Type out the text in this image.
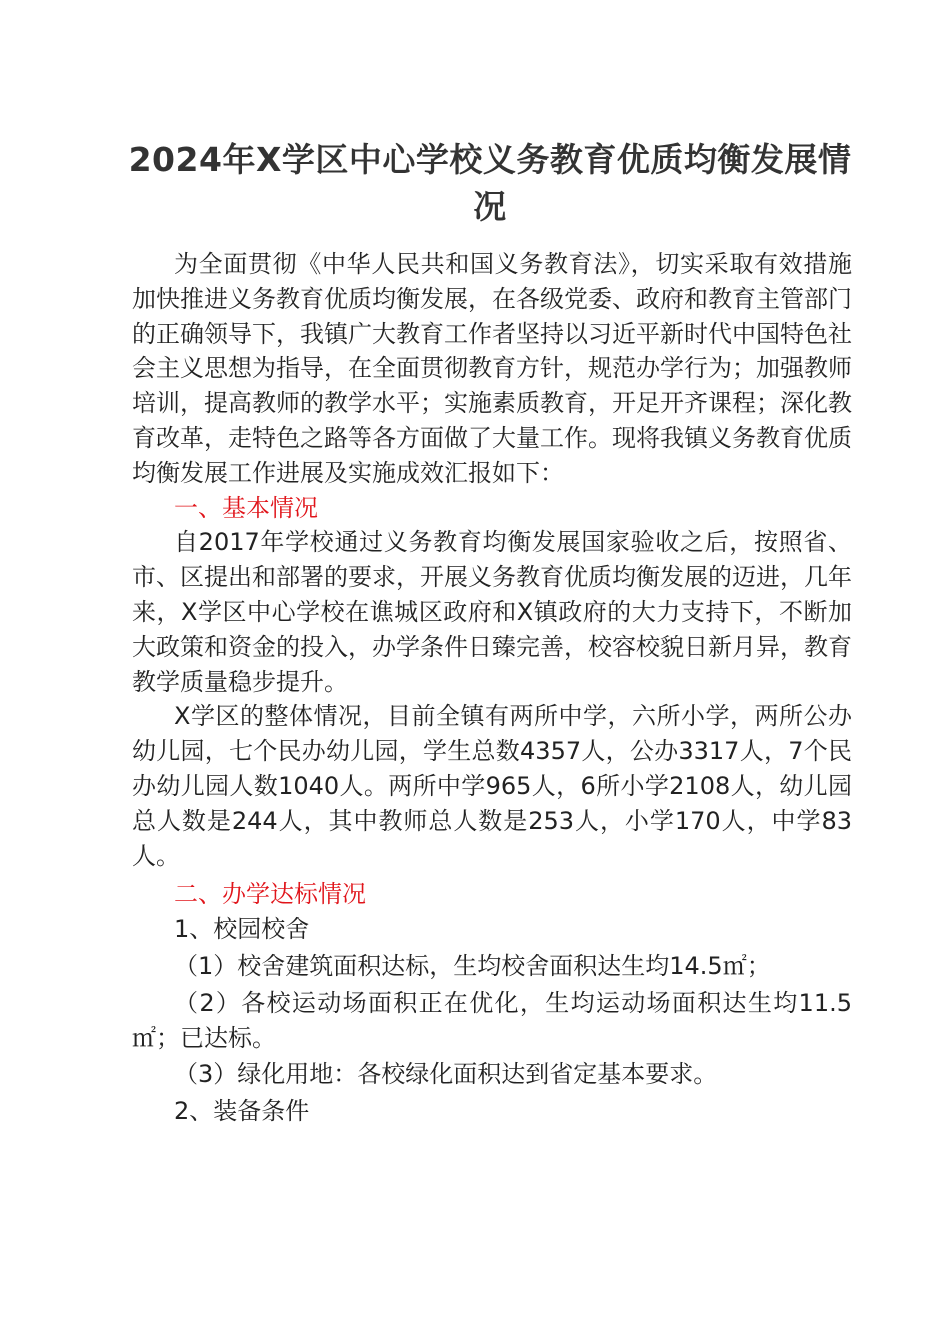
2024年X学区中心学校义务教育优质均衡发展情况

为全面贯彻《中华人民共和国义务教育法》，切实采取有效措施加快推进义务教育优质均衡发展，在各级党委、政府和教育主管部门的正确领导下，我镇广大教育工作者坚持以习近平新时代中国特色社会主义思想为指导，在全面贯彻教育方针，规范办学行为；加强教师培训，提高教师的教学水平；实施素质教育，开足开齐课程；深化教育改革，走特色之路等各方面做了大量工作。现将我镇义务教育优质均衡发展工作进展及实施成效汇报如下：

一、基本情况

自2017年学校通过义务教育均衡发展国家验收之后，按照省、市、区提出和部署的要求，开展义务教育优质均衡发展的迈进，几年来，X学区中心学校在谯城区政府和X镇政府的大力支持下，不断加大政策和资金的投入，办学条件日臻完善，校容校貌日新月异，教育教学质量稳步提升。

X学区的整体情况，目前全镇有两所中学，六所小学，两所公办幼儿园，七个民办幼儿园，学生总数4357人，公办3317人，7个民办幼儿园人数1040人。两所中学965人，6所小学2108人，幼儿园总人数是244人，其中教师总人数是253人，小学170人，中学83人。

二、办学达标情况

1、校园校舍

（1）校舍建筑面积达标，生均校舍面积达生均14.5㎡；

（2）各校运动场面积正在优化，生均运动场面积达生均11.5㎡；已达标。

（3）绿化用地：各校绿化面积达到省定基本要求。

2、装备条件
